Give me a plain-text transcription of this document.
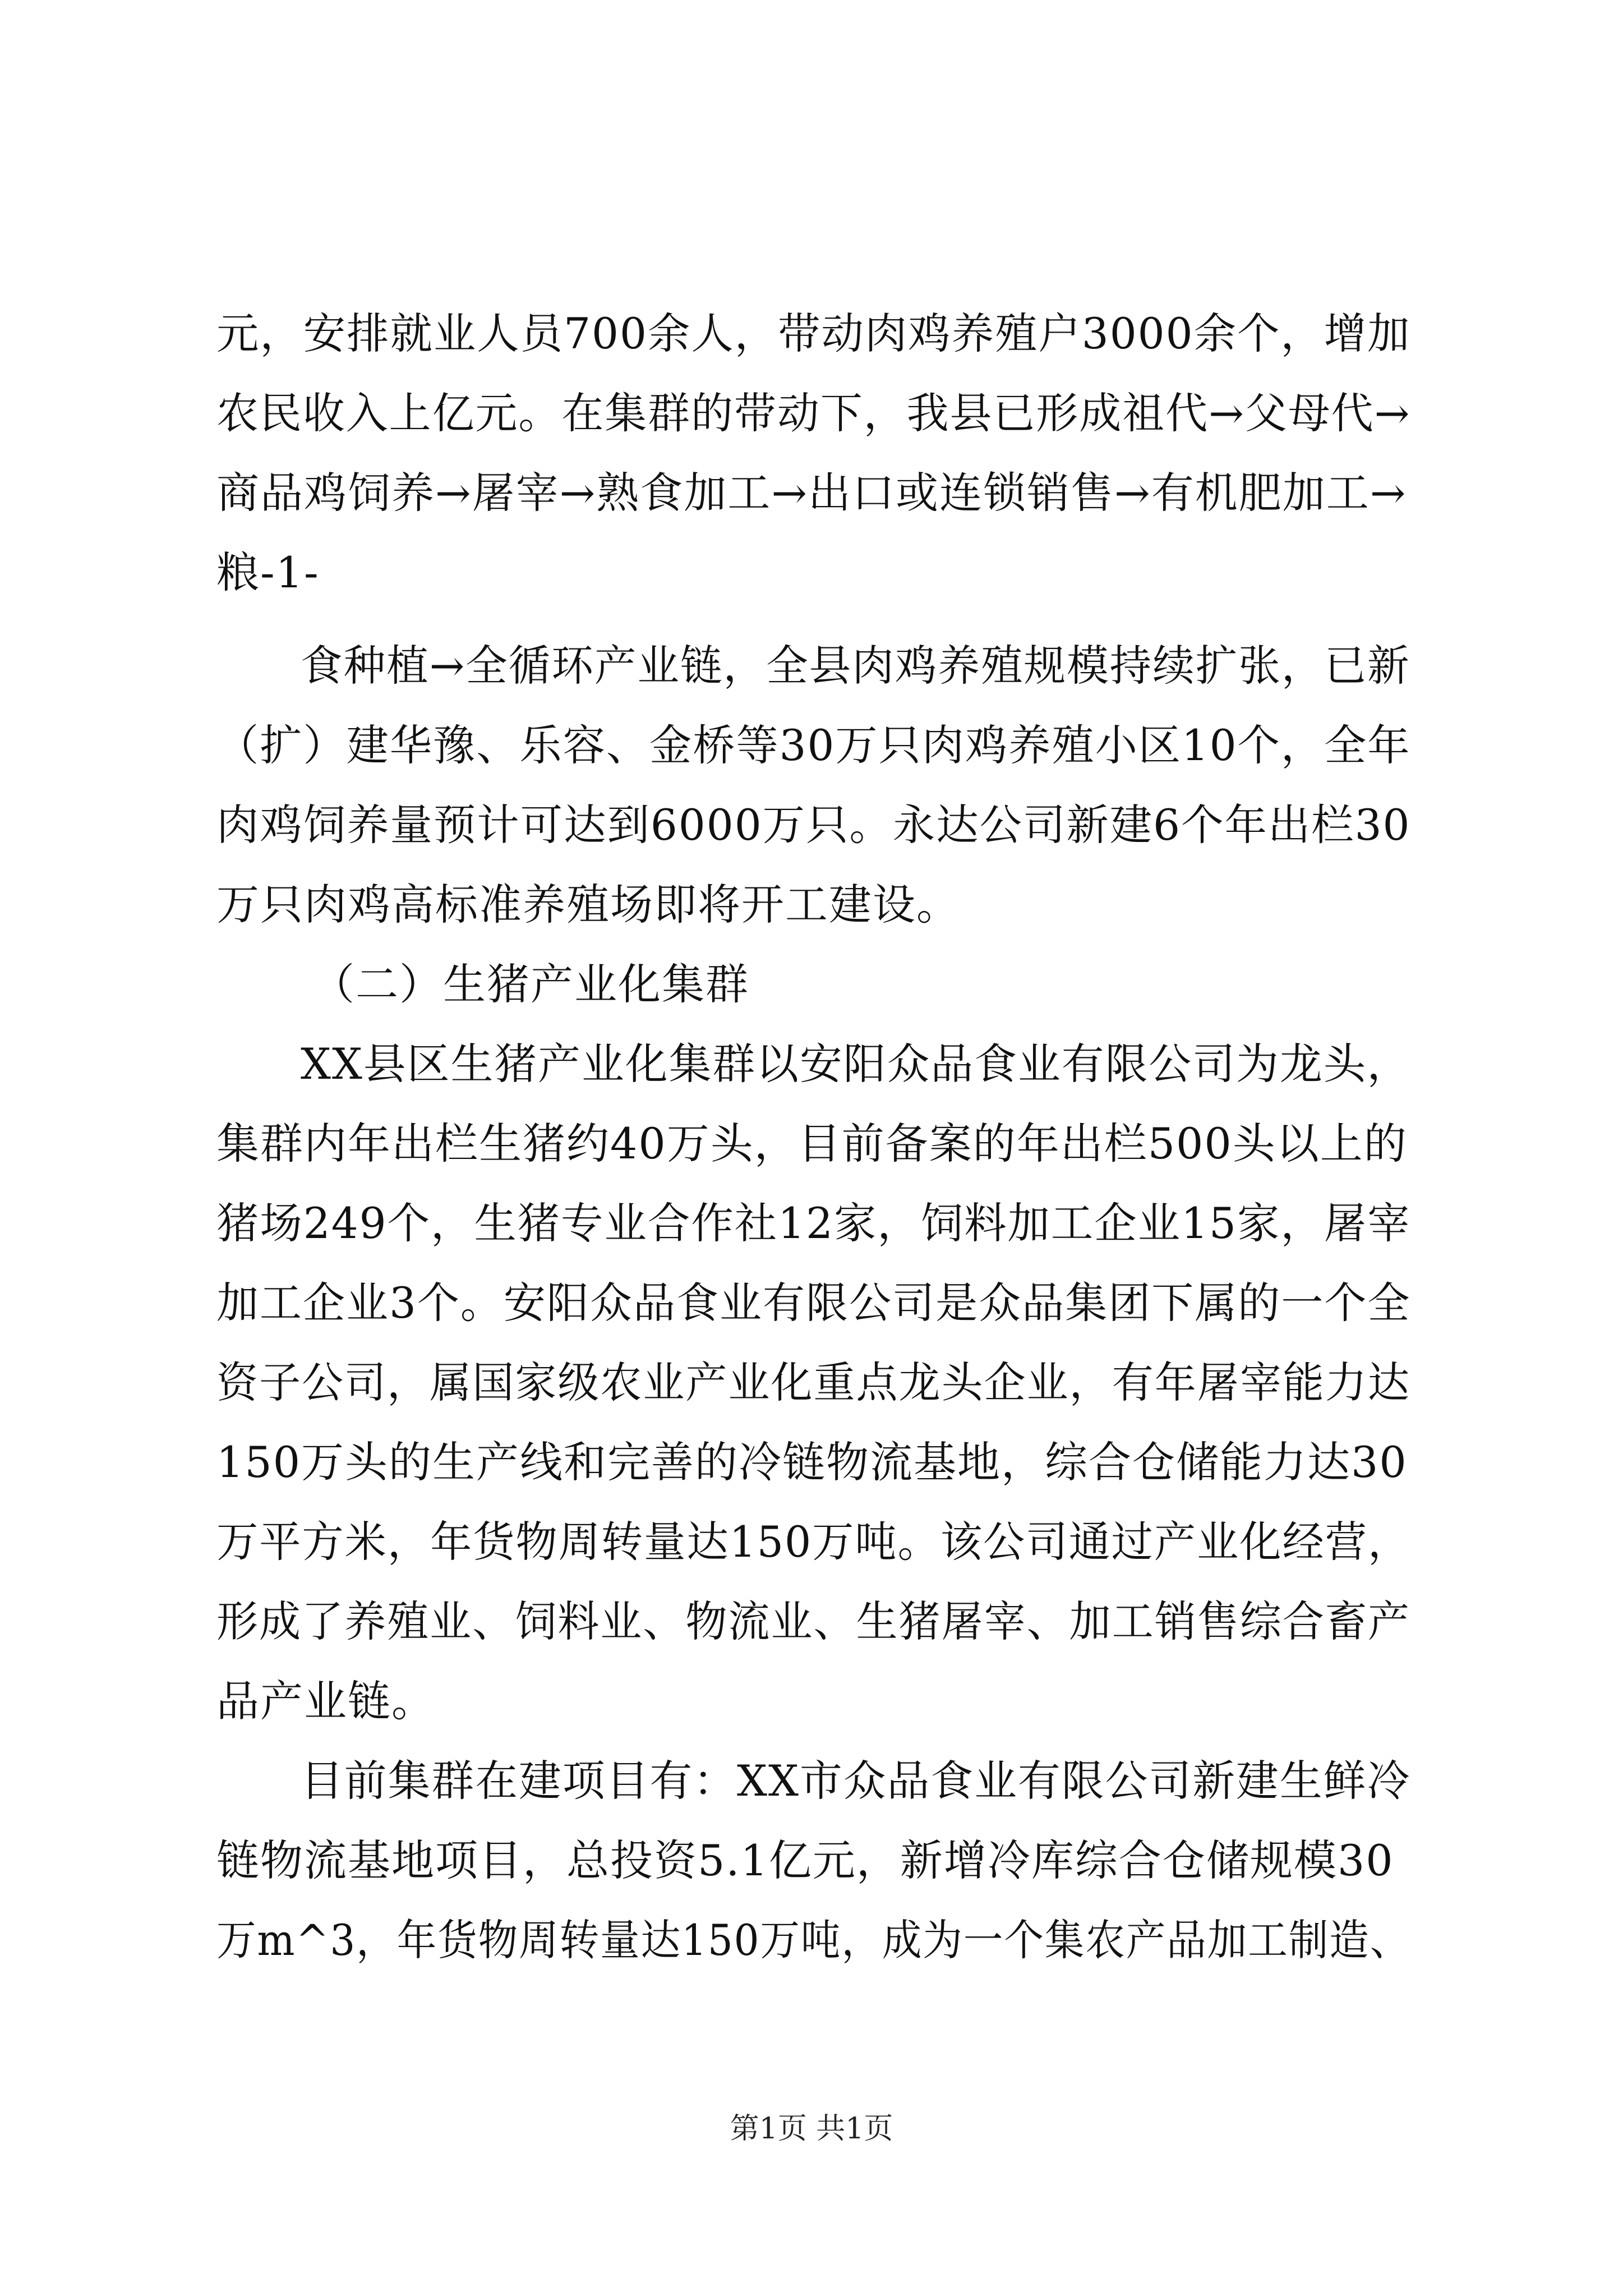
元，安排就业人员700余人，带动肉鸡养殖户3000余个，增加
农民收入上亿元。在集群的带动下，我县已形成祖代→父母代→
商品鸡饲养→屠宰→熟食加工→出口或连锁销售→有机肥加工→
粮-1-
食种植→全循环产业链，全县肉鸡养殖规模持续扩张，已新
（扩）建华豫、乐容、金桥等30万只肉鸡养殖小区10个，全年
肉鸡饲养量预计可达到6000万只。永达公司新建6个年出栏30
万只肉鸡高标准养殖场即将开工建设。
（二）生猪产业化集群
XX县区生猪产业化集群以安阳众品食业有限公司为龙头，
集群内年出栏生猪约40万头，目前备案的年出栏500头以上的
猪场249个，生猪专业合作社12家，饲料加工企业15家，屠宰
加工企业3个。安阳众品食业有限公司是众品集团下属的一个全
资子公司，属国家级农业产业化重点龙头企业，有年屠宰能力达
150万头的生产线和完善的冷链物流基地，综合仓储能力达30
万平方米，年货物周转量达150万吨。该公司通过产业化经营，
形成了养殖业、饲料业、物流业、生猪屠宰、加工销售综合畜产
品产业链。
目前集群在建项目有：XX市众品食业有限公司新建生鲜冷
链物流基地项目，总投资5.1亿元，新增冷库综合仓储规模30
万m^3，年货物周转量达150万吨，成为一个集农产品加工制造、
第1页 共1页
